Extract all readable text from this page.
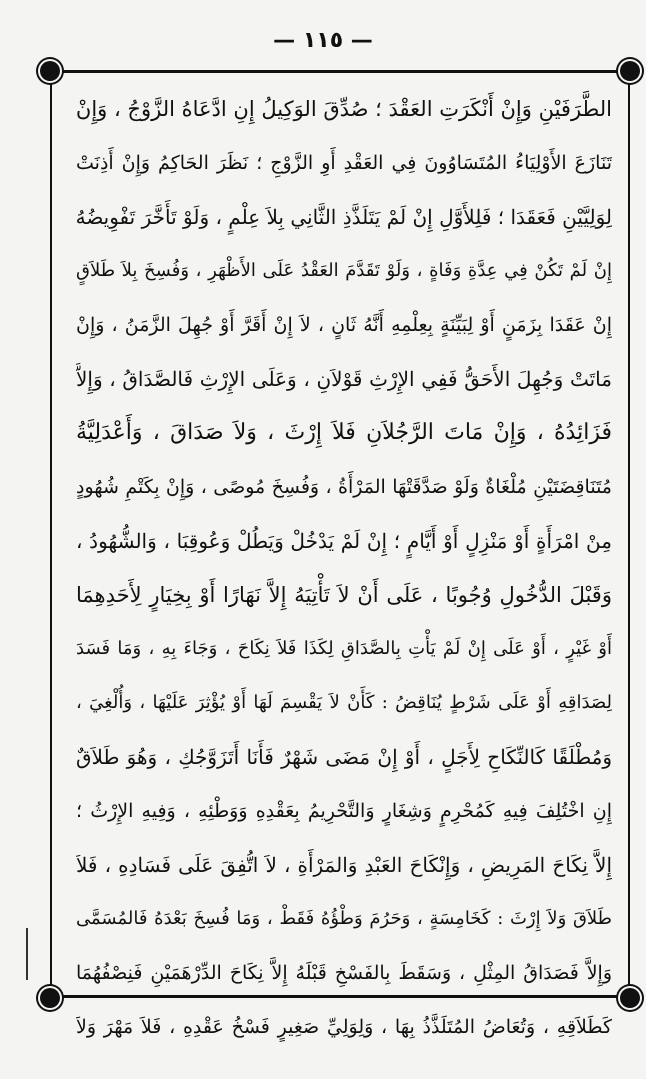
— ١١٥ —
الطَّرَفَيْنِ وَإِنْ أَنْكَرَتِ العَقْدَ ؛ صُدِّقَ الوَكِيلُ إِنِ ادَّعَاهُ الزَّوْجُ ، وَإِنْ
تَنَازَعَ الأَوْلِيَاءُ المُتَسَاوُونَ فِي العَقْدِ أَوِ الزَّوْجِ ؛ نَظَرَ الحَاكِمُ وَإِنْ أَذِنَتْ
لِوَلِيَّيْنِ فَعَقَدَا ؛ فَلِلأَوَّلِ إِنْ لَمْ يَتَلَذَّذِ الثَّانِي بِلاَ عِلْمٍ ، وَلَوْ تَأَخَّرَ تَفْوِيضُهُ
إِنْ لَمْ تَكُنْ فِي عِدَّةِ وَفَاةٍ ، وَلَوْ تَقَدَّمَ العَقْدُ عَلَى الأَظْهَرِ ، وَفُسِخَ بِلاَ طَلاَقٍ
إِنْ عَقَدَا بِزَمَنٍ أَوْ لِبَيِّنَةٍ بِعِلْمِهِ أَنَّهُ ثَانٍ ، لاَ إِنْ أَقَرَّ أَوْ جُهِلَ الزَّمَنُ ، وَإِنْ
مَاتَتْ وَجُهِلَ الأَحَقُّ فَفِي الإِرْثِ قَوْلاَنِ ، وَعَلَى الإِرْثِ فَالصَّدَاقُ ، وَإِلاَّ
فَزَائِدُهُ ، وَإِنْ مَاتَ الرَّجُلاَنِ فَلاَ إِرْثَ ، وَلاَ صَدَاقَ ، وَأَعْدَلِيَّةُ
مُتَنَاقِضَتَيْنِ مُلْغَاةٌ وَلَوْ صَدَّقَتْهَا المَرْأَةُ ، وَفُسِخَ مُوصًى ، وَإِنْ بِكَتْمِ شُهُودٍ
مِنْ امْرَأَةٍ أَوْ مَنْزِلٍ أَوْ أَيَّامٍ ؛ إِنْ لَمْ يَدْخُلْ وَيَطُلْ وَعُوقِبَا ، وَالشُّهُودُ ،
وَقَبْلَ الدُّخُولِ وُجُوبًا ، عَلَى أَنْ لاَ تَأْتِيَهُ إِلاَّ نَهَارًا أَوْ بِخِيَارٍ لِأَحَدِهِمَا
أَوْ غَيْرٍ ، أَوْ عَلَى إِنْ لَمْ يَأْتِ بِالصَّدَاقِ لِكَذَا فَلاَ نِكَاحَ ، وَجَاءَ بِهِ ، وَمَا فَسَدَ
لِصَدَاقِهِ أَوْ عَلَى شَرْطٍ يُنَاقِضُ : كَأَنْ لاَ يَقْسِمَ لَهَا أَوْ يُؤْثِرَ عَلَيْهَا ، وَأُلْغِيَ ،
وَمُطْلَقًا كَالنِّكَاحِ لِأَجَلٍ ، أَوْ إِنْ مَضَى شَهْرٌ فَأَنَا أَتَزَوَّجُكِ ، وَهُوَ طَلاَقٌ
إِنِ اخْتُلِفَ فِيهِ كَمُحْرِمٍ وَشِغَارٍ وَالتَّحْرِيمُ بِعَقْدِهِ وَوَطْئِهِ ، وَفِيهِ الإِرْثُ ؛
إِلاَّ نِكَاحَ المَرِيضِ ، وَإِنْكَاحَ العَبْدِ وَالمَرْأَةِ ، لاَ اتُّفِقَ عَلَى فَسَادِهِ ، فَلاَ
طَلاَقَ وَلاَ إِرْثَ : كَخَامِسَةٍ ، وَحَرُمَ وَطْؤُهُ فَقَطْ ، وَمَا فُسِخَ بَعْدَهُ فَالمُسَمَّى
وَإِلاَّ فَصَدَاقُ المِثْلِ ، وَسَقَطَ بِالفَسْخِ قَبْلَهُ إِلاَّ نِكَاحَ الدِّرْهَمَيْنِ فَنِصْفُهُمَا
كَطَلاَقِهِ ، وَتُعَاضُ المُتَلَذَّذُ بِهَا ، وَلِوَلِيِّ صَغِيرٍ فَسْخُ عَقْدِهِ ، فَلاَ مَهْرَ وَلاَ
